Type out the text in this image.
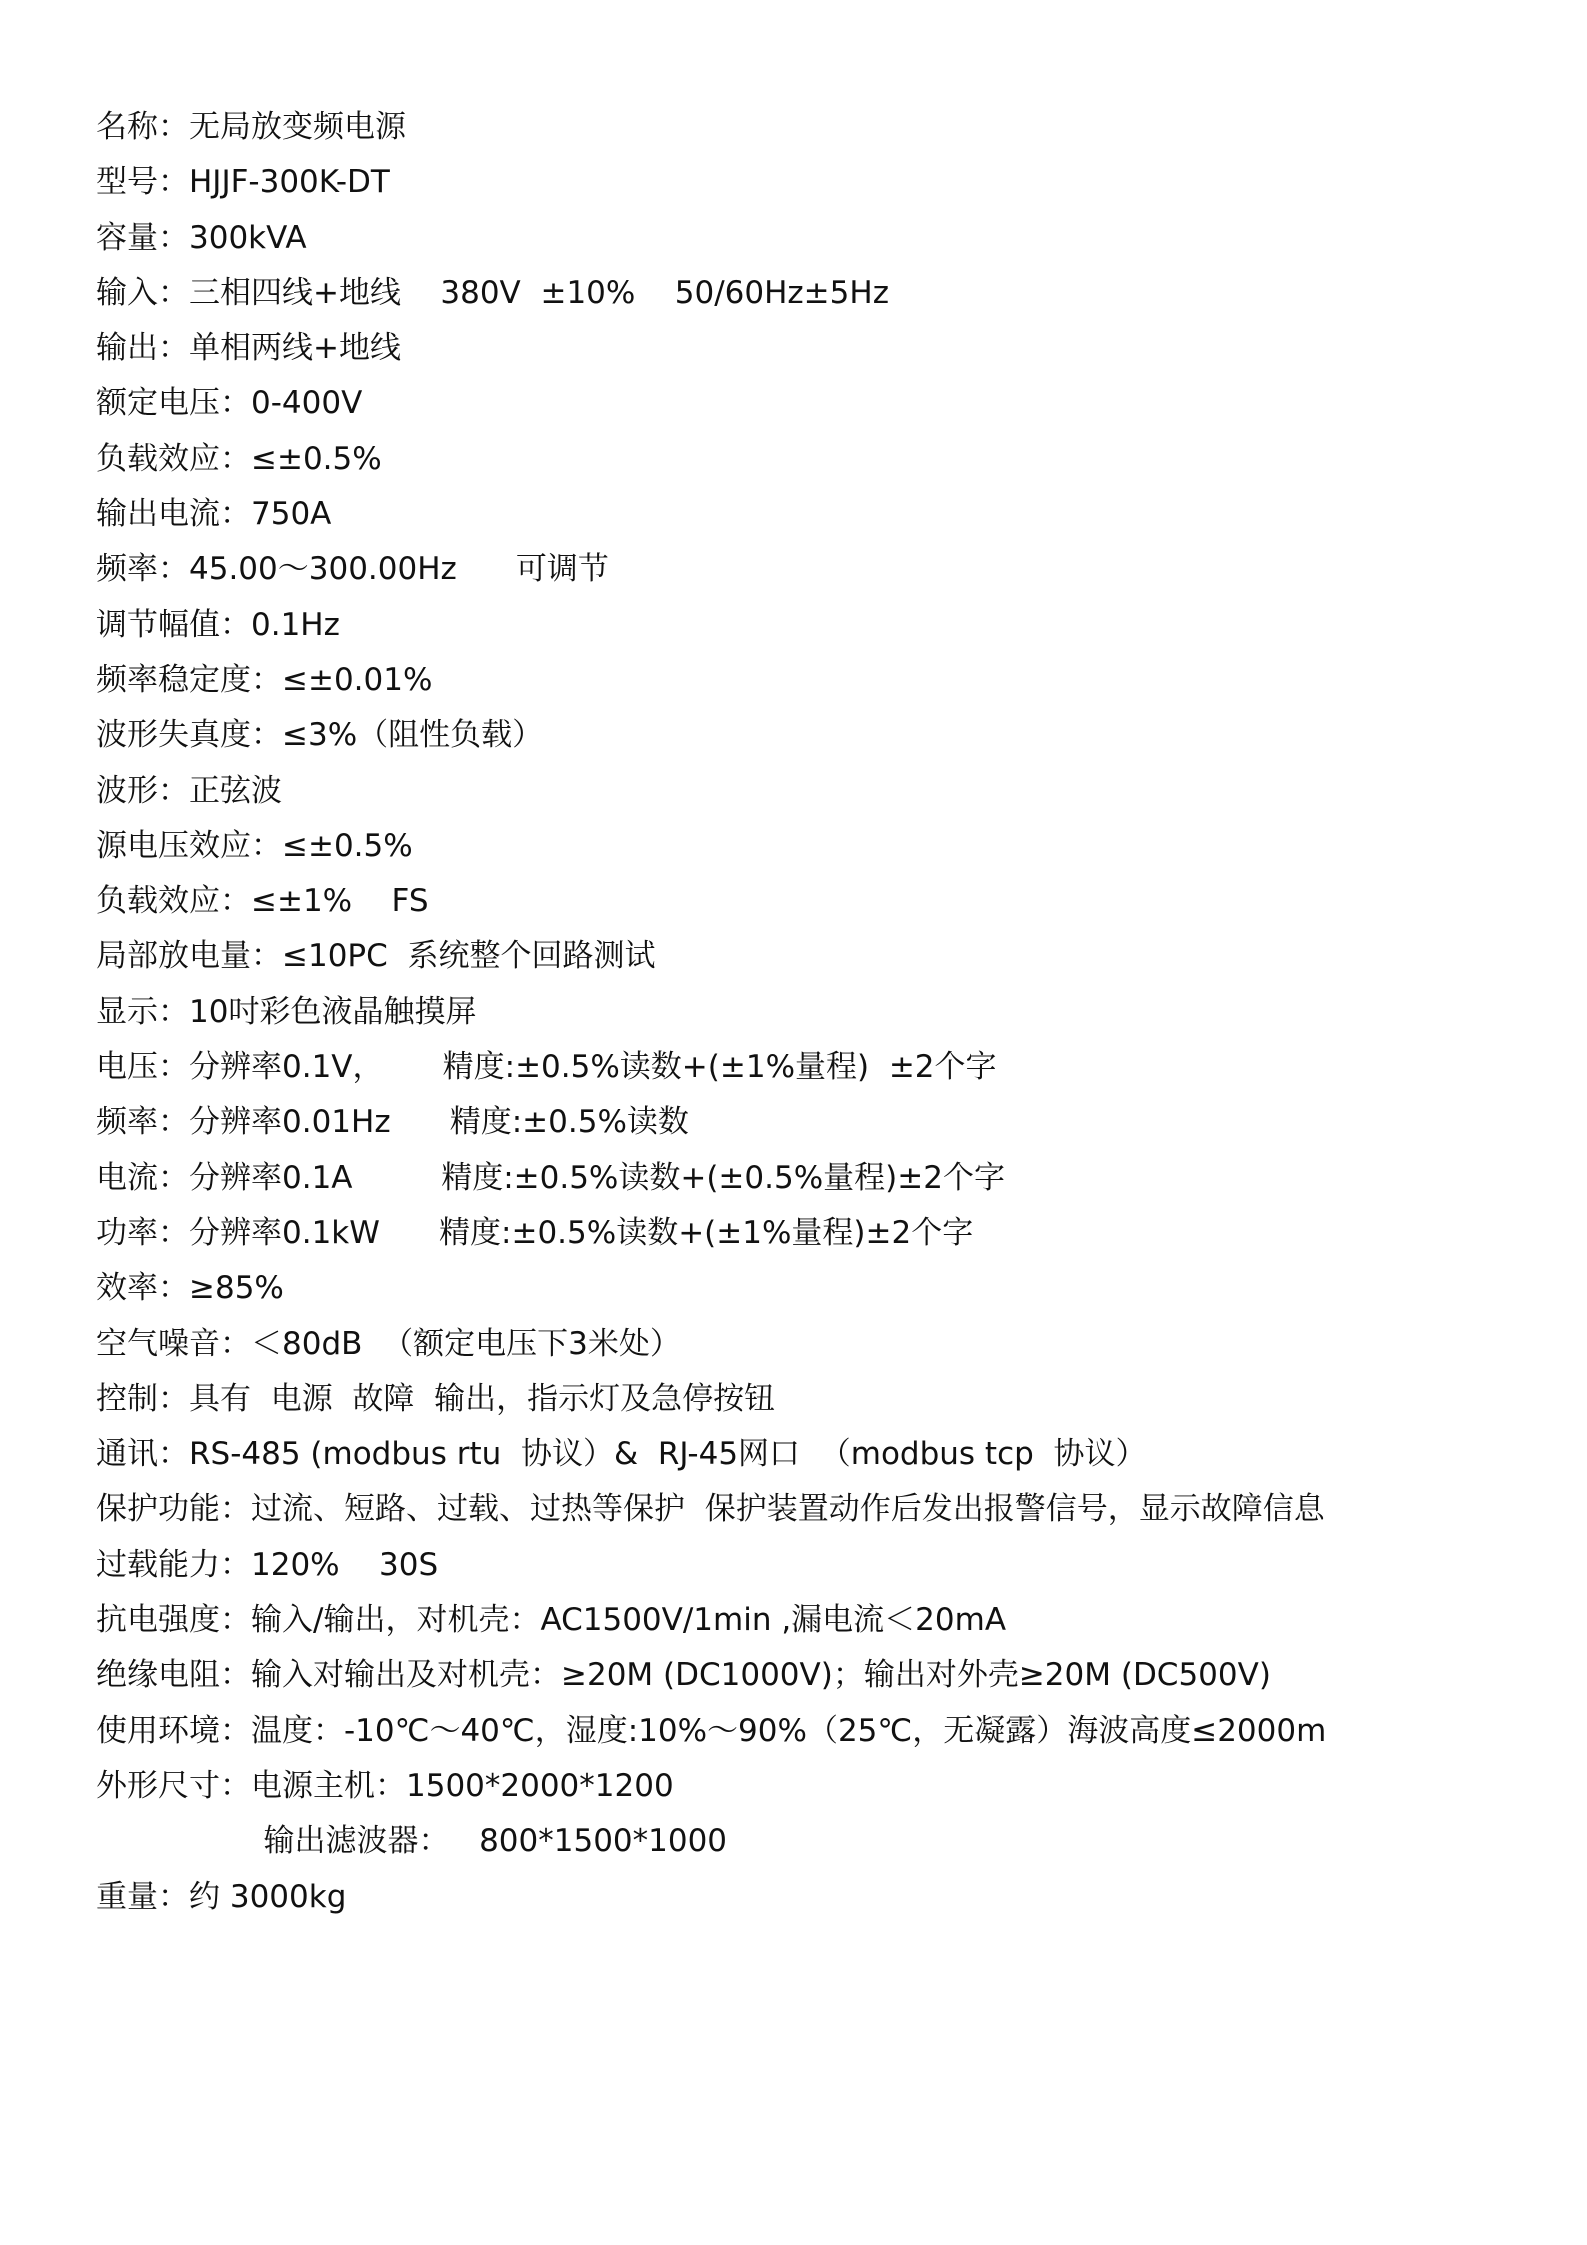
名称：无局放变频电源
型号：HJJF-300K-DT
容量：300kVA
输入：三相四线+地线    380V  ±10%    50/60Hz±5Hz
输出：单相两线+地线
额定电压：0-400V
负载效应：≤±0.5%
输出电流：750A
频率：45.00～300.00Hz      可调节
调节幅值：0.1Hz
频率稳定度：≤±0.01%
波形失真度：≤3%（阻性负载）
波形：正弦波
源电压效应：≤±0.5%
负载效应：≤±1%    FS
局部放电量：≤10PC  系统整个回路测试
显示：10吋彩色液晶触摸屏
电压：分辨率0.1V，      精度:±0.5%读数+(±1%量程)  ±2个字
频率：分辨率0.01Hz      精度:±0.5%读数
电流：分辨率0.1A         精度:±0.5%读数+(±0.5%量程)±2个字
功率：分辨率0.1kW      精度:±0.5%读数+(±1%量程)±2个字
效率：≥85%
空气噪音：＜80dB  （额定电压下3米处）
控制：具有  电源  故障  输出，指示灯及急停按钮
通讯：RS-485 (modbus rtu  协议）&  RJ-45网口  （modbus tcp  协议）
保护功能：过流、短路、过载、过热等保护  保护装置动作后发出报警信号，显示故障信息
过载能力：120%    30S
抗电强度：输入/输出，对机壳：AC1500V/1min ,漏电流＜20mA
绝缘电阻：输入对输出及对机壳：≥20M (DC1000V)；输出对外壳≥20M (DC500V)
使用环境：温度：-10℃～40℃，湿度:10%～90%（25℃，无凝露）海波高度≤2000m
外形尺寸：电源主机：1500*2000*1200
输出滤波器：   800*1500*1000
重量：约 3000kg
